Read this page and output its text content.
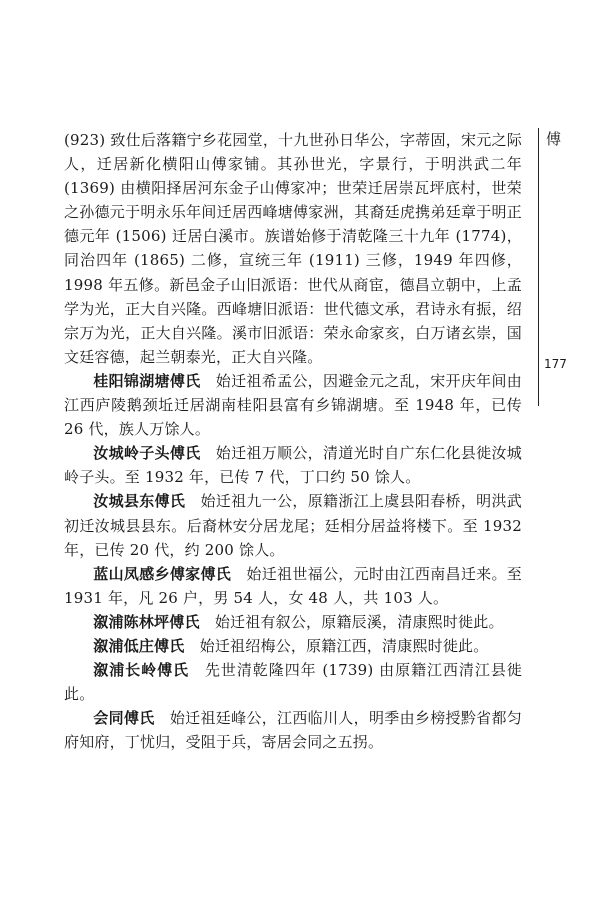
(923) 致仕后落籍宁乡花园堂，十九世孙日华公，字蒂固，宋元之际人，迁居新化横阳山傅家铺。其孙世光，字景行，于明洪武二年(1369) 由横阳择居河东金子山傅家冲；世荣迁居崇瓦坪底村，世荣之孙德元于明永乐年间迁居西峰塘傅家洲，其裔廷虎携弟廷章于明正德元年 (1506) 迁居白溪市。族谱始修于清乾隆三十九年 (1774)，同治四年 (1865) 二修，宣统三年 (1911) 三修，1949 年四修，1998 年五修。新邑金子山旧派语：世代从商宦，德昌立朝中，上孟学为光，正大自兴隆。西峰塘旧派语：世代德文承，君诗永有振，绍宗万为光，正大自兴隆。溪市旧派语：荣永命家亥，白万诸玄崇，国文廷容德，起兰朝泰光，正大自兴隆。

桂阳锦湖塘傅氏  始迁祖希孟公，因避金元之乱，宋开庆年间由江西庐陵鹅颈坵迁居湖南桂阳县富有乡锦湖塘。至 1948 年，已传 26 代，族人万馀人。

汝城岭子头傅氏  始迁祖万顺公，清道光时自广东仁化县徙汝城岭子头。至 1932 年，已传 7 代，丁口约 50 馀人。

汝城县东傅氏  始迁祖九一公，原籍浙江上虞县阳春桥，明洪武初迁汝城县县东。后裔林安分居龙尾；廷相分居益将楼下。至 1932 年，已传 20 代，约 200 馀人。

蓝山凤感乡傅家傅氏  始迁祖世福公，元时由江西南昌迁来。至 1931 年，凡 26 户，男 54 人，女 48 人，共 103 人。

溆浦陈林坪傅氏  始迁祖有叙公，原籍辰溪，清康熙时徙此。

溆浦低庄傅氏  始迁祖绍梅公，原籍江西，清康熙时徙此。

溆浦长岭傅氏  先世清乾隆四年 (1739) 由原籍江西清江县徙此。

会同傅氏  始迁祖廷峰公，江西临川人，明季由乡榜授黔省都匀府知府，丁忧归，受阻于兵，寄居会同之五拐。

傅
177
